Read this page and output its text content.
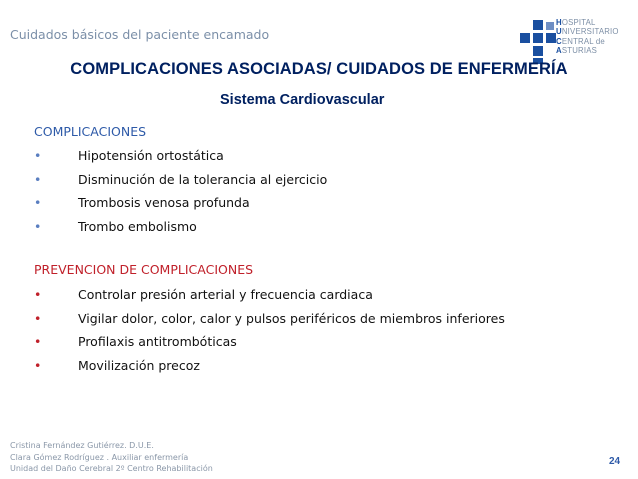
Cuidados básicos del paciente encamado
HOSPITAL
UNIVERSITARIO
CENTRAL de
ASTURIAS
COMPLICACIONES ASOCIADAS/ CUIDADOS DE ENFERMERÍA
Sistema Cardiovascular
COMPLICACIONES
•	Hipotensión ortostática
•	Disminución de la tolerancia al ejercicio
•	Trombosis venosa profunda
•	Trombo embolismo
PREVENCION DE COMPLICACIONES
•	Controlar presión arterial y frecuencia cardiaca
•	Vigilar dolor, color, calor y pulsos periféricos de miembros inferiores
•	Profilaxis antitrombóticas
•	Movilización precoz
Cristina Fernández Gutiérrez. D.U.E.
Clara Gómez Rodríguez . Auxiliar enfermería
Unidad del Daño Cerebral 2º Centro Rehabilitación
24
